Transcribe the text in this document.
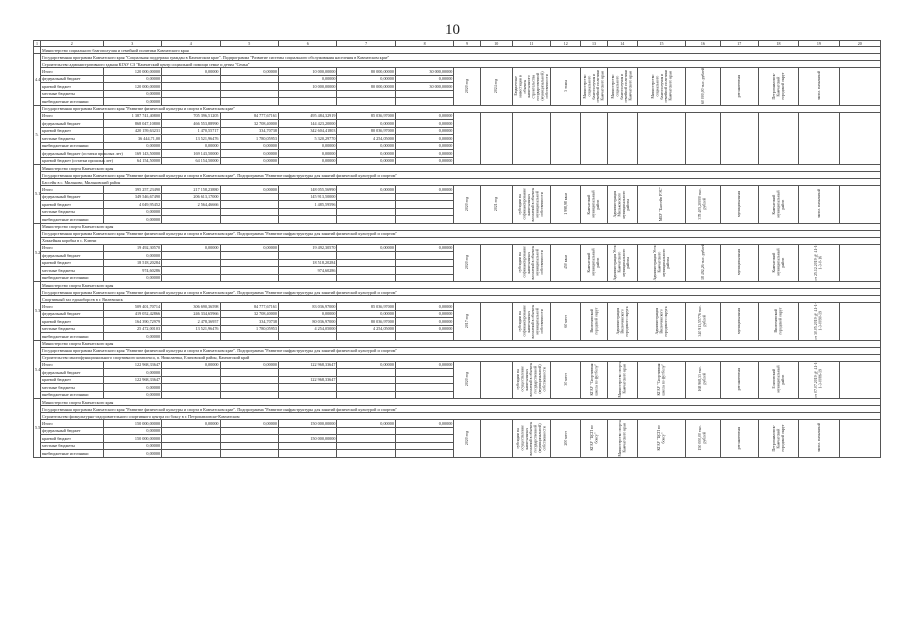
10
1	2	3	4	5	6	7	8	9	10	11	12	13	14	15	16	17	18	19	20
	Министерство социального благополучия и семейной политики Камчатского края																		
4.4.	Государственная программа Камчатского края "Социальная поддержка граждан в Камчатском крае". Подпрограмма "Развитие системы социального обслуживания населения в Камчатском крае"																		
	Строительство административного здания КГАУ СЗ "Камчатский центр социальной помощи семье и детям "Семья"																		
	Итого	120 000,00000	0,00000	0,00000	10 000,00000	80 000,00000	30 000,00000	2020 год	2024 год	Бюджетные инвестиции в объекты капитального строительства государственной (муниципальной) собственности	3 этапа	Министерство социального благополучия и семейной политики Камчатского края	Министерство социального благополучия и семейной политики Камчатского края	Министерство социального благополучия и семейной политики Камчатского края	60 000,00 тыс. рублей	регламентная	Петропавловск-Камчатский городской округ	экспл. начальный	
	федеральный бюджет	0,00000			0,00000	0,00000	0,00000												
	краевой бюджет	120 000,00000			10 000,00000	80 000,00000	30 000,00000												
	местные бюджеты	0,00000																	
	внебюджетные источники	0,00000																	
5.	Государственная программа Камчатского края "Развитие физической культуры и спорта в Камчатском крае"																		
	Итого	1 387 741,40800	705 396,51205	84 777,67161	495 484,32919	85 036,97000	0,00000												
	федеральный бюджет	868 047,10800	466 553,88990	32 708,40000	144 423,20000	0,00000	0,00000												
	краевой бюджет	420 159,63231	1 470,55717	334,70738	342 604,41803	80 036,97000	0,00000												
	местные бюджеты	36 444,71,00	13 521,96476	1 780,05953	5 320,29770	4 254,05000	0,00000												
	внебюджетные источники	0,00000	0,00000	0,00000	0,00000	0,00000	0,00000												
	федеральный бюджет (остатки прошлых лет)	169 143,50000	169 143,50000	0,00000	0,00000	0,00000	0,00000												
	краевой бюджет (остатки прошлых лет)	64 154,50000	64 154,50000	0,00000	0,00000	0,00000	0,00000												
5.1.	Министерство спорта Камчатского края																		
	Государственная программа Камчатского края "Развитие физической культуры и спорта в Камчатском крае". Подпрограмма "Развитие инфраструктуры для занятий физической культурой и спортом"																		
	Бассейн в с. Мильково, Мильковский район																		
	Итого	395 257,23490	217 158,23880	0,00000	148 055,56990	0,00000	0,00000	2020 год	2021 год	субсидии на софинансирование капитальных вложений в объекты муниципальной собственности	1 998,98 кв.м	Камчатский муниципальный район	Администрация Мильковского муниципального района	МБУ "Бассейн РЭС"	378 405,20000 тыс. рублей	муниципальная	Камчатский муниципальный район	экспл. начальный	
	федеральный бюджет	349 546,67490	206 613,17000		145 913,50000														
	краевой бюджет	4 049,95452	2 564,46666		1 485,59596														
	местные бюджеты	0,00000																	
	внебюджетные источники	0,00000																	
5.2.	Министерство спорта Камчатского края																		
	Государственная программа Камчатского края "Развитие физической культуры и спорта в Камчатском крае". Подпрограмма "Развитие инфраструктуры для занятий физической культурой и спортом"																		
	Хоккейная коробка в с. Ключи																		
	Итого	19 492,30570	0,00000	0,00000	19 492,30570	0,00000	0,00000	2020 год		субсидии на софинансирование капитальных вложений в объекты муниципальной собственности	450 кв.м	Камчатский муниципальный район	Администрация Усть-Камчатского муниципального района	Администрация Усть-Камчатского муниципального района	18 492,26 тыс. рублей	муниципальная	Камчатский муниципальный район	от 25.12.2019 № 41-1-1-3-0-16	
	федеральный бюджет	0,00000																	
	краевой бюджет	18 518,20284			18 518,20284														
	местные бюджеты	974,60286			974,60286														
	внебюджетные источники	0,00000																	
5.3.	Министерство спорта Камчатского края																		
	Государственная программа Камчатского края "Развитие физической культуры и спорта в Камчатском крае". Подпрограмма "Развитие инфраструктуры для занятий физической культурой и спортом"																		
	Спортивный зал единоборств в г. Вилючинск																		
	Итого	509 401,70714	306 690,36598	84 777,67161	83 036,97000	85 036,97000	0,00000	2017 год		субсидии на софинансирование капитальных вложений в объекты муниципальной собственности	60 мест	Вилючинский городской округ	Администрация Вилючинского городского округа	Администрация Вилючинского городского округа	340 913,55776 тыс. рублей	муниципальная	Вилючинский городской округ	от 30.05.2019 № 41-1-1-3-0090-19	
	федеральный бюджет	419 052,42866	246 334,65966	32 708,40000	0,00000	0,00000	0,00000												
	краевой бюджет	164 390,72979	2 478,36957	334,70738	80 036,97000	80 036,97000	0,00000												
	местные бюджеты	25 472,00103	13 521,96476	1 780,05953	4 254,05000	4 254,05000	0,00000												
	внебюджетные источники	0,00000																	
5.4.	Министерство спорта Камчатского края																		
	Государственная программа Камчатского края "Развитие физической культуры и спорта в Камчатском крае". Подпрограмма "Развитие инфраструктуры для занятий физической культурой и спортом"																		
	Строительство многофункционального спортивного комплекса, п. Николаевка, Елизовский район, Камчатский край																		
	Итого	122 968,33647	0,00000	0,00000	122 968,33647	0,00000	0,00000	2020 год		субсидии на осуществление капитальных вложений в объекты государственной (муниципальной) собственности	30 мест	КГАУ "Спортивная школа по футболу"	Министерство спорта Камчатского края	КГАУ "Спортивная школа по футболу"	168 968,33 тыс. рублей	регламентная	Елизовский муниципальный район	от 07.07.2019 № 41-1-1-3-0086-19	
	федеральный бюджет	0,00000																	
	краевой бюджет	122 968,33647			122 968,33647														
	местные бюджеты	0,00000																	
	внебюджетные источники	0,00000																	
5.5.	Министерство спорта Камчатского края																		
	Государственная программа Камчатского края "Развитие физической культуры и спорта в Камчатском крае". Подпрограмма "Развитие инфраструктуры для занятий физической культурой и спортом"																		
	Строительство физкультурно-оздоровительного спортивного центра по боксу в г. Петропавловске-Камчатском																		
	Итого	150 000,00000	0,00000	0,00000	150 000,00000	0,00000	0,00000	2020 год		субсидии на осуществление капитальных вложений в объекты государственной (муниципальной) собственности	200 мест	КГАУ "ЦСП по боксу"	Министерство спорта Камчатского края	КГАУ "ЦСП по боксу"	150 000,00 тыс. рублей	регламентная	Петропавловск-Камчатский городской округ	экспл. начальный	
	федеральный бюджет	0,00000																	
	краевой бюджет	150 000,00000			150 000,00000														
	местные бюджеты	0,00000																	
	внебюджетные источники	0,00000																	
